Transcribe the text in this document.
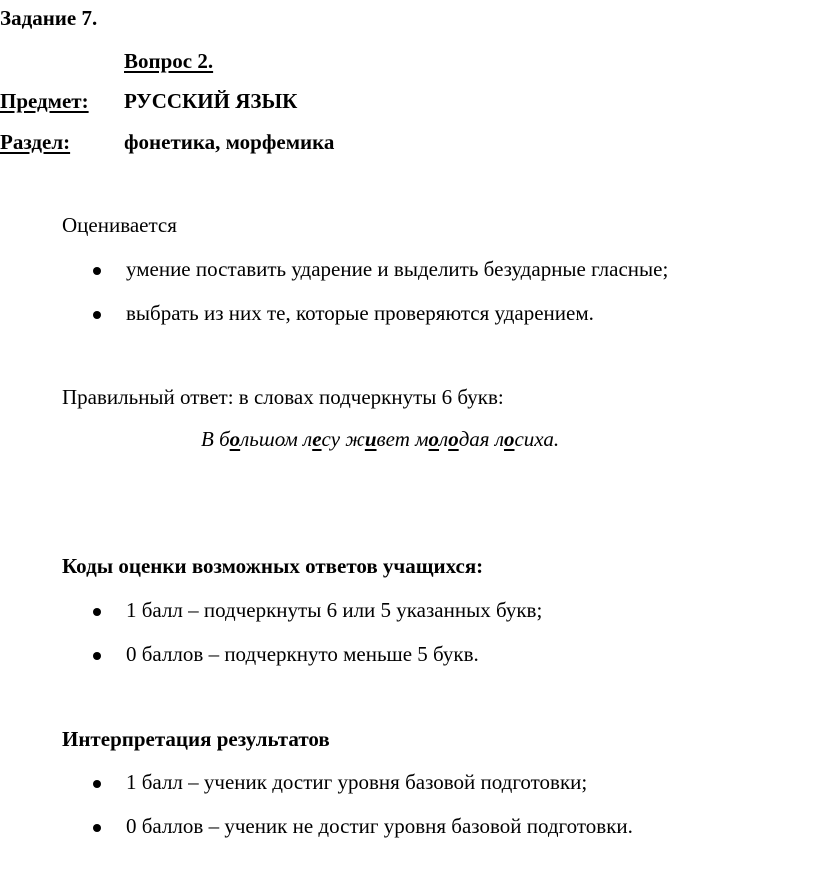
Задание 7.
Вопрос 2.
Предмет: РУССКИЙ ЯЗЫК
Раздел:	фонетика, морфемика
Оценивается
умение поставить ударение и выделить безударные гласные;
выбрать из них те, которые проверяются ударением.
Правильный ответ: в словах подчеркнуты 6 букв:
В большом лесу живет молодая лосиха.
Коды оценки возможных ответов учащихся:
1 балл – подчеркнуты 6 или 5 указанных букв;
0 баллов – подчеркнуто меньше 5 букв.
Интерпретация результатов
1 балл – ученик достиг уровня базовой подготовки;
0 баллов – ученик не достиг уровня базовой подготовки.
